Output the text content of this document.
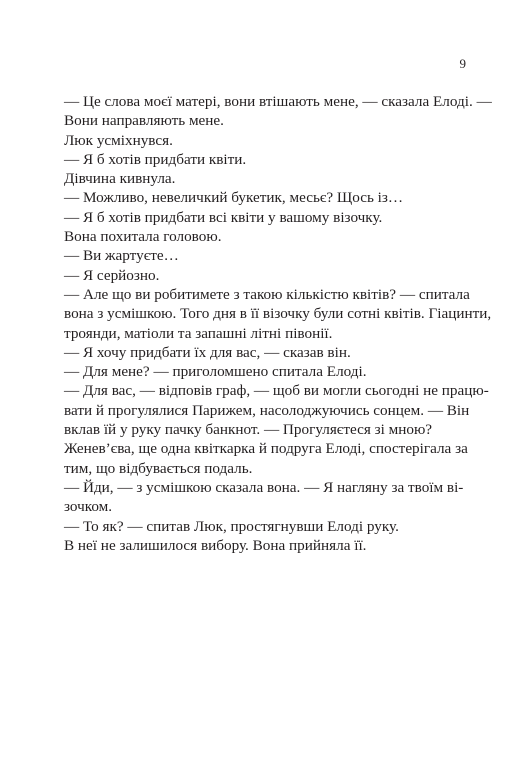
9
— Це слова моєї матері, вони втішають мене, — сказала Елоді. —
Вони направляють мене.
Люк усміхнувся.
— Я б хотів придбати квіти.
Дівчина кивнула.
— Можливо, невеличкий букетик, месьє? Щось із…
— Я б хотів придбати всі квіти у вашому візочку.
Вона похитала головою.
— Ви жартуєте…
— Я серйозно.
— Але що ви робитимете з такою кількістю квітів? — спитала
вона з усмішкою. Того дня в її візочку були сотні квітів. Гіацинти,
троянди, матіоли та запашні літні півонії.
— Я хочу придбати їх для вас, — сказав він.
— Для мене? — приголомшено спитала Елоді.
— Для вас, — відповів граф, — щоб ви могли сьогодні не працю-
вати й прогулялися Парижем, насолоджуючись сонцем. — Він
вклав їй у руку пачку банкнот. — Прогуляєтеся зі мною?
Женев’єва, ще одна квіткарка й подруга Елоді, спостерігала за
тим, що відбувається подаль.
— Йди, — з усмішкою сказала вона. — Я нагляну за твоїм ві-
зочком.
— То як? — спитав Люк, простягнувши Елоді руку.
В неї не залишилося вибору. Вона прийняла її.
